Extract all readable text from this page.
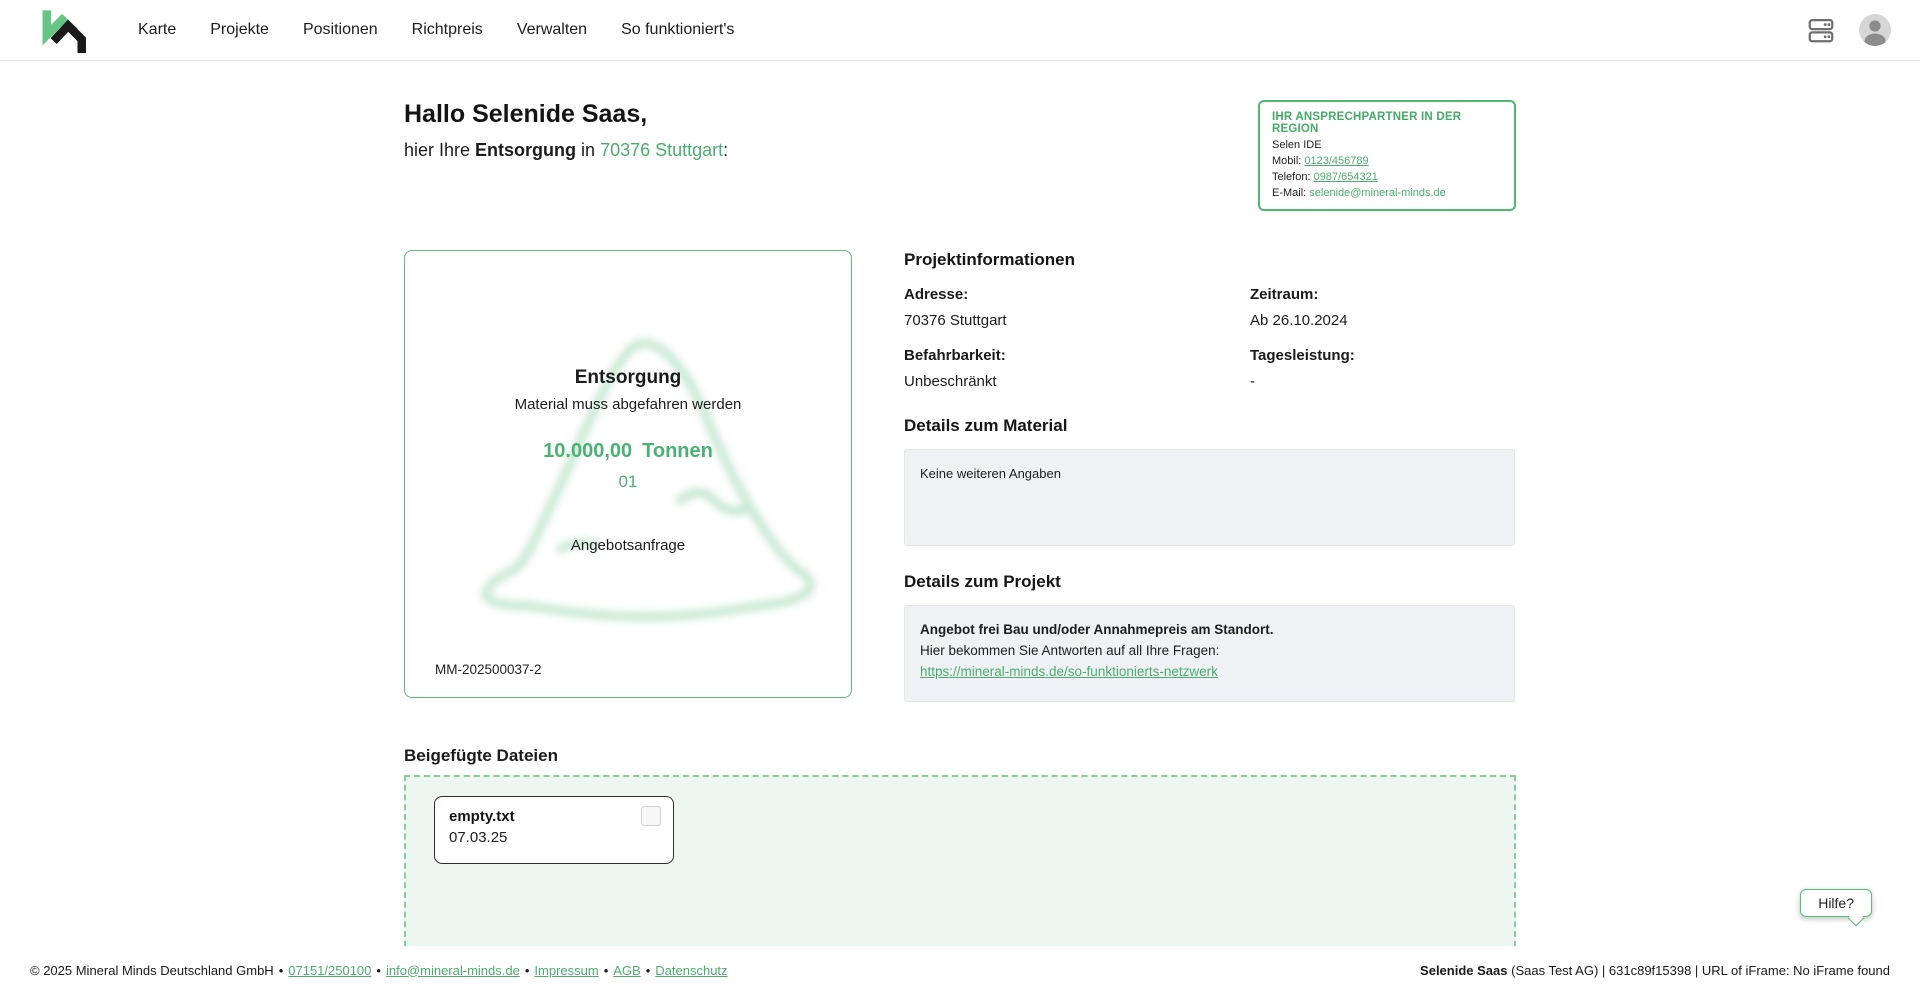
Karte Projekte Positionen Richtpreis Verwalten So funktioniert's
Hallo Selenide Saas,
hier Ihre Entsorgung in 70376 Stuttgart:
IHR ANSPRECHPARTNER IN DER REGION
Selen IDE
Mobil: 0123/456789
Telefon: 0987/654321
E-Mail: selenide@mineral-minds.de
Entsorgung
Material muss abgefahren werden
10.000,00 Tonnen
01
Angebotsanfrage
MM-202500037-2
Projektinformationen
Adresse:
70376 Stuttgart
Zeitraum:
Ab 26.10.2024
Befahrbarkeit:
Unbeschränkt
Tagesleistung:
-
Details zum Material
Keine weiteren Angaben
Details zum Projekt
Angebot frei Bau und/oder Annahmepreis am Standort.
Hier bekommen Sie Antworten auf all Ihre Fragen:
https://mineral-minds.de/so-funktionierts-netzwerk
Beigefügte Dateien
empty.txt
07.03.25
© 2025 Mineral Minds Deutschland GmbH • 07151/250100 • info@mineral-minds.de • Impressum • AGB • Datenschutz	Selenide Saas (Saas Test AG) | 631c89f15398 | URL of iFrame: No iFrame found
Hilfe?
